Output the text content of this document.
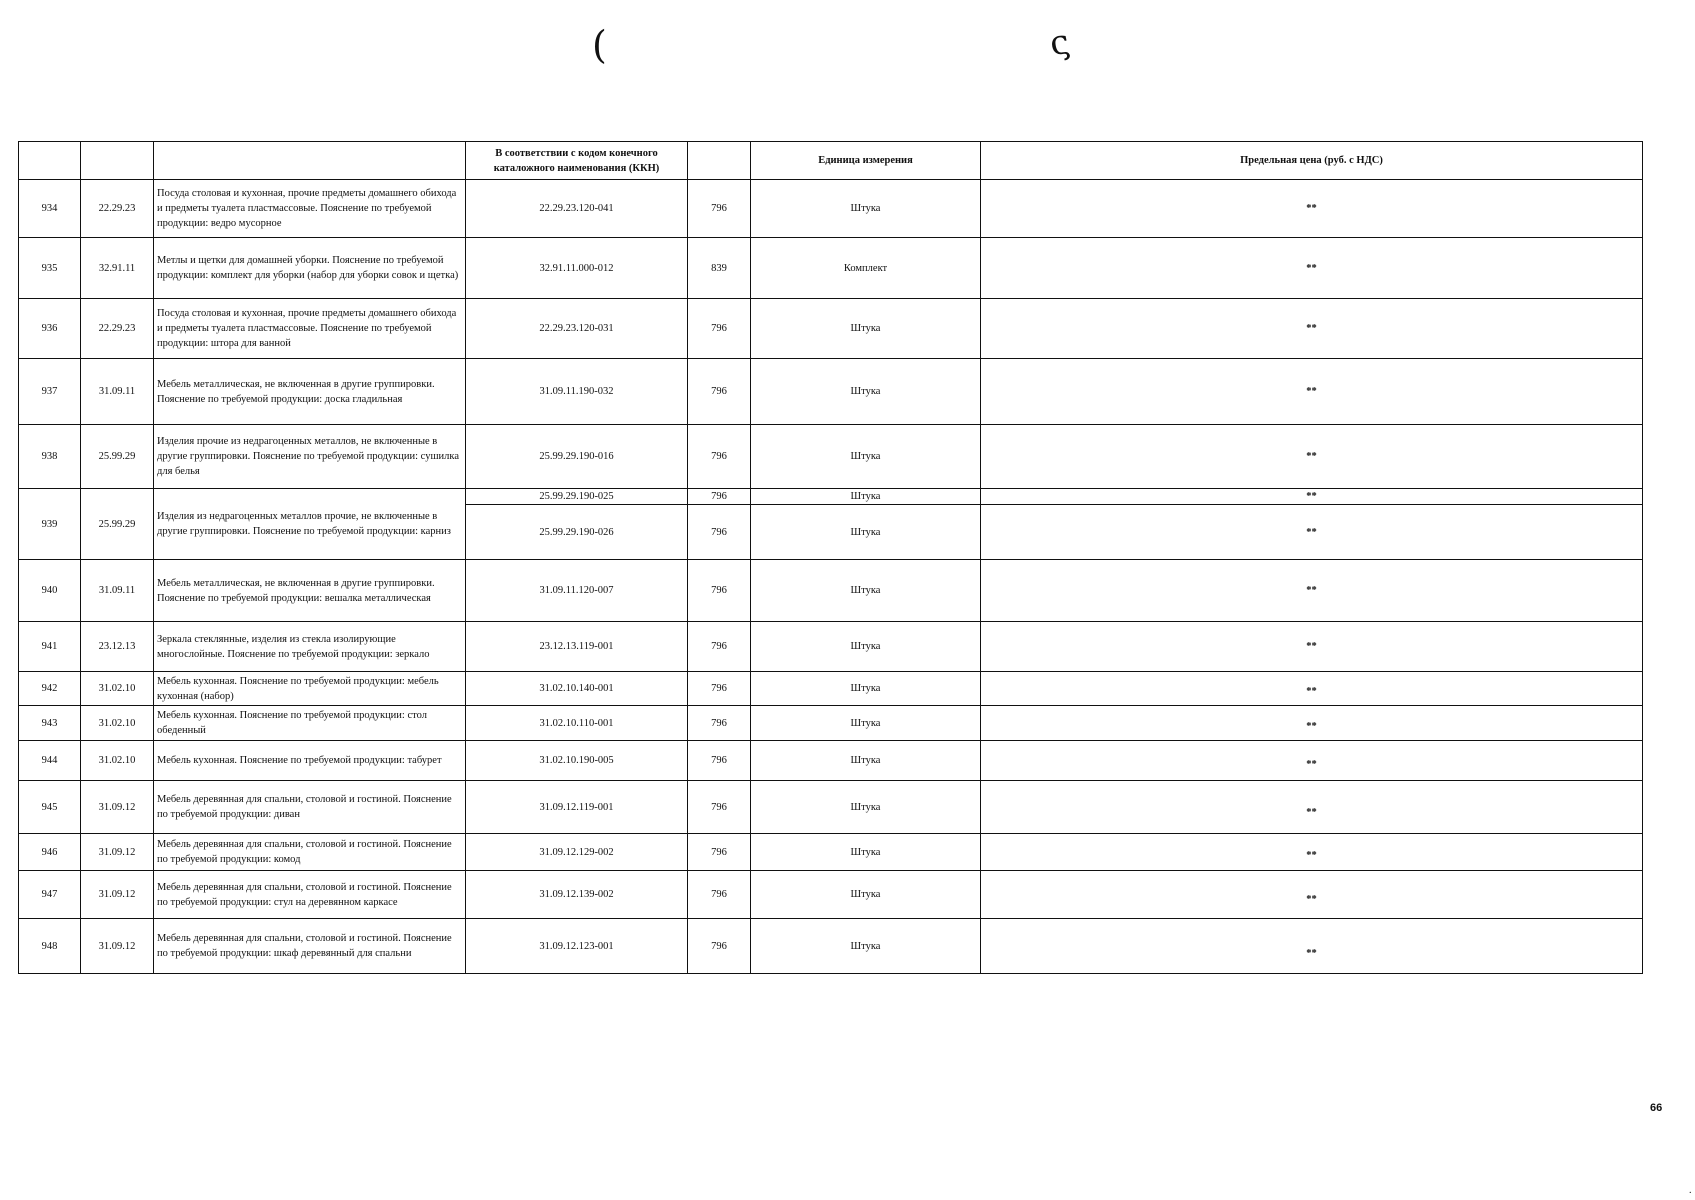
(	ς
			В соответствии с кодом конечного каталожного наименования (ККН)		Единица измерения	Предельная цена (руб. с НДС)
934	22.29.23	Посуда столовая и кухонная, прочие предметы домашнего обихода и предметы туалета пластмассовые. Пояснение по требуемой продукции: ведро мусорное	22.29.23.120-041	796	Штука	**
935	32.91.11	Метлы и щетки для домашней уборки. Пояснение по требуемой продукции: комплект для уборки (набор для уборки совок и щетка)	32.91.11.000-012	839	Комплект	**
936	22.29.23	Посуда столовая и кухонная, прочие предметы домашнего обихода и предметы туалета пластмассовые. Пояснение по требуемой продукции: штора для ванной	22.29.23.120-031	796	Штука	**
937	31.09.11	Мебель металлическая, не включенная в другие группировки. Пояснение по требуемой продукции: доска гладильная	31.09.11.190-032	796	Штука	**
938	25.99.29	Изделия прочие из недрагоценных металлов, не включенные в другие группировки. Пояснение по требуемой продукции: сушилка для белья	25.99.29.190-016	796	Штука	**
939	25.99.29	Изделия из недрагоценных металлов прочие, не включенные в другие группировки. Пояснение по требуемой продукции: карниз	25.99.29.190-025	796	Штука	**
			25.99.29.190-026	796	Штука	**
940	31.09.11	Мебель металлическая, не включенная в другие группировки. Пояснение по требуемой продукции: вешалка металлическая	31.09.11.120-007	796	Штука	**
941	23.12.13	Зеркала стеклянные, изделия из стекла изолирующие многослойные. Пояснение по требуемой продукции: зеркало	23.12.13.119-001	796	Штука	**
942	31.02.10	Мебель кухонная. Пояснение по требуемой продукции: мебель кухонная (набор)	31.02.10.140-001	796	Штука	**
943	31.02.10	Мебель кухонная. Пояснение по требуемой продукции: стол обеденный	31.02.10.110-001	796	Штука	**
944	31.02.10	Мебель кухонная. Пояснение по требуемой продукции: табурет	31.02.10.190-005	796	Штука	**
945	31.09.12	Мебель деревянная для спальни, столовой и гостиной. Пояснение по требуемой продукции: диван	31.09.12.119-001	796	Штука	**
946	31.09.12	Мебель деревянная для спальни, столовой и гостиной. Пояснение по требуемой продукции: комод	31.09.12.129-002	796	Штука	**
947	31.09.12	Мебель деревянная для спальни, столовой и гостиной. Пояснение по требуемой продукции: стул на деревянном каркасе	31.09.12.139-002	796	Штука	**
948	31.09.12	Мебель деревянная для спальни, столовой и гостиной. Пояснение по требуемой продукции: шкаф деревянный для спальни	31.09.12.123-001	796	Штука	**
66
.
